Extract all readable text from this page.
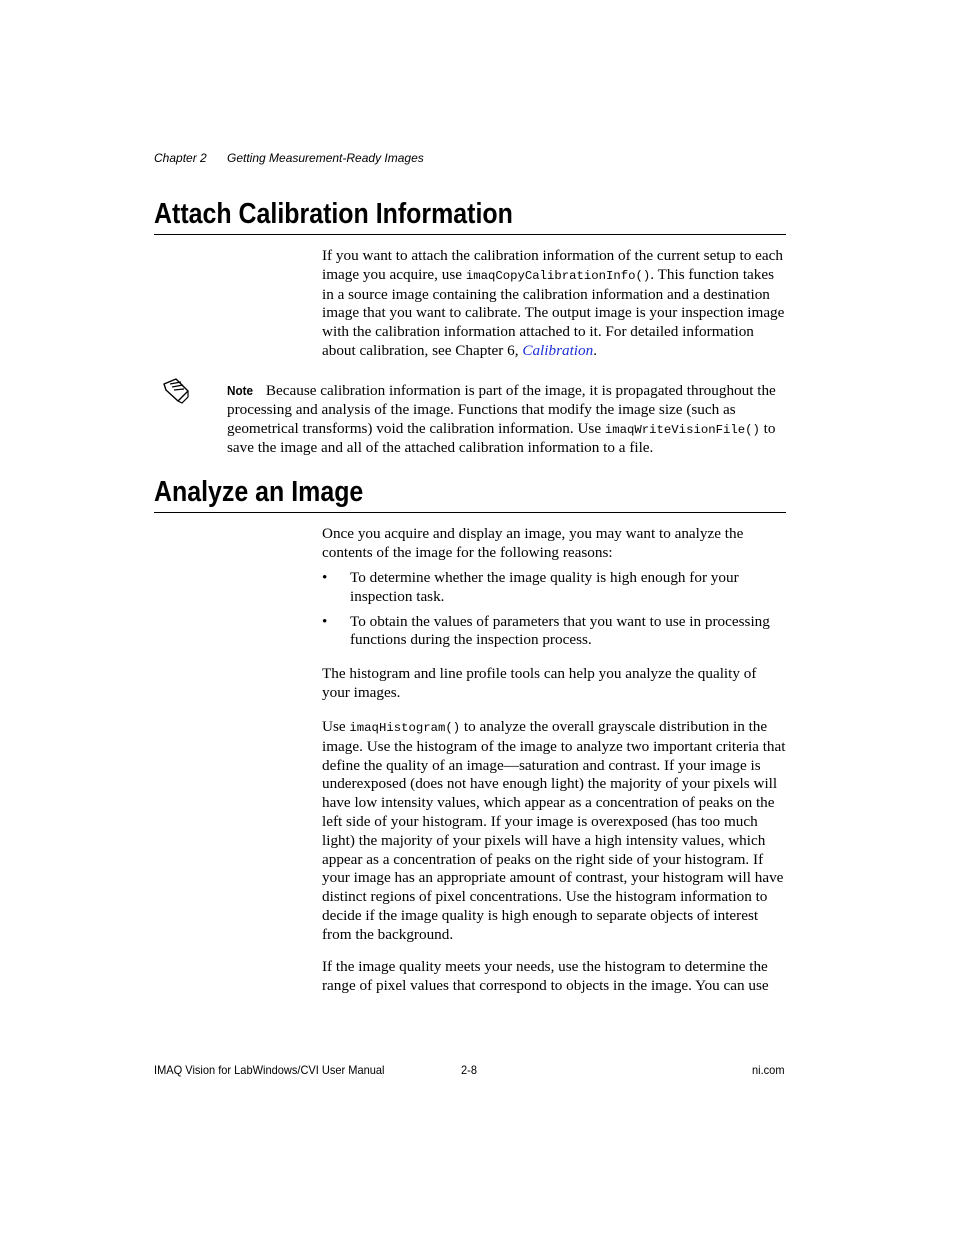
Chapter 2 Getting Measurement-Ready Images
Attach Calibration Information

If you want to attach the calibration information of the current setup to each image you acquire, use imaqCopyCalibrationInfo(). This function takes in a source image containing the calibration information and a destination image that you want to calibrate. The output image is your inspection image with the calibration information attached to it. For detailed information about calibration, see Chapter 6, Calibration.

Note Because calibration information is part of the image, it is propagated throughout the processing and analysis of the image. Functions that modify the image size (such as geometrical transforms) void the calibration information. Use imaqWriteVisionFile() to save the image and all of the attached calibration information to a file.

Analyze an Image

Once you acquire and display an image, you may want to analyze the contents of the image for the following reasons:

• To determine whether the image quality is high enough for your inspection task.
• To obtain the values of parameters that you want to use in processing functions during the inspection process.

The histogram and line profile tools can help you analyze the quality of your images.

Use imaqHistogram() to analyze the overall grayscale distribution in the image. Use the histogram of the image to analyze two important criteria that define the quality of an image—saturation and contrast. If your image is underexposed (does not have enough light) the majority of your pixels will have low intensity values, which appear as a concentration of peaks on the left side of your histogram. If your image is overexposed (has too much light) the majority of your pixels will have a high intensity values, which appear as a concentration of peaks on the right side of your histogram. If your image has an appropriate amount of contrast, your histogram will have distinct regions of pixel concentrations. Use the histogram information to decide if the image quality is high enough to separate objects of interest from the background.

If the image quality meets your needs, use the histogram to determine the range of pixel values that correspond to objects in the image. You can use

IMAQ Vision for LabWindows/CVI User Manual	2-8	ni.com
